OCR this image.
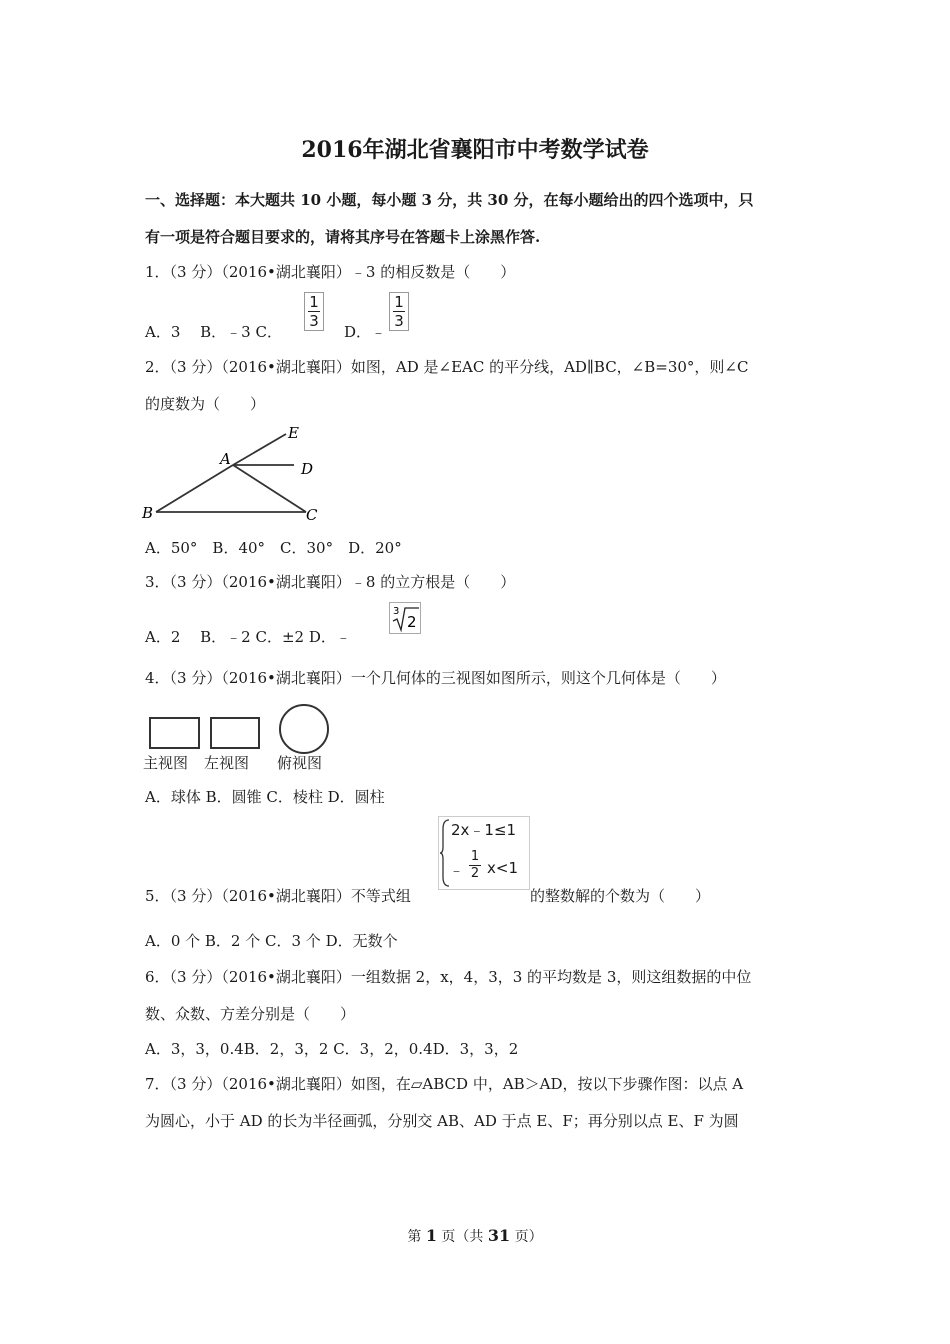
2016年湖北省襄阳市中考数学试卷
一、选择题：本大题共 10 小题，每小题 3 分，共 30 分，在每小题给出的四个选项中，只
有一项是符合题目要求的，请将其序号在答题卡上涂黑作答.
1．（3 分）（2016•湖北襄阳）﹣3 的相反数是（　　）
A．3　 B．﹣3 C．
1
3
D．﹣
1
3
2．（3 分）（2016•湖北襄阳）如图，AD 是∠EAC 的平分线，AD∥BC，∠B=30°，则∠C
的度数为（　　）
E
A
D
B	C
A．50°　B．40°　C．30°　D．20°
3．（3 分）（2016•湖北襄阳）﹣8 的立方根是（　　）
A．2　 B．﹣2 C．±2 D．﹣
3
2
4．（3 分）（2016•湖北襄阳）一个几何体的三视图如图所示，则这个几何体是（　　）
主视图 左视图 俯视图
A．球体 B．圆锥 C．棱柱 D．圆柱
2x﹣1≤1
﹣
1
2 x<1
5．（3 分）（2016•湖北襄阳）不等式组	的整数解的个数为（　　）
A．0 个 B．2 个 C．3 个 D．无数个
6．（3 分）（2016•湖北襄阳）一组数据 2，x，4，3，3 的平均数是 3，则这组数据的中位
数、众数、方差分别是（　　）
A．3，3，0.4B．2，3，2 C．3，2，0.4D．3，3，2
7．（3 分）（2016•湖北襄阳）如图，在▱ABCD 中，AB＞AD，按以下步骤作图：以点 A
为圆心，小于 AD 的长为半径画弧，分别交 AB、AD 于点 E、F；再分别以点 E、F 为圆
第 1 页（共 31 页）
